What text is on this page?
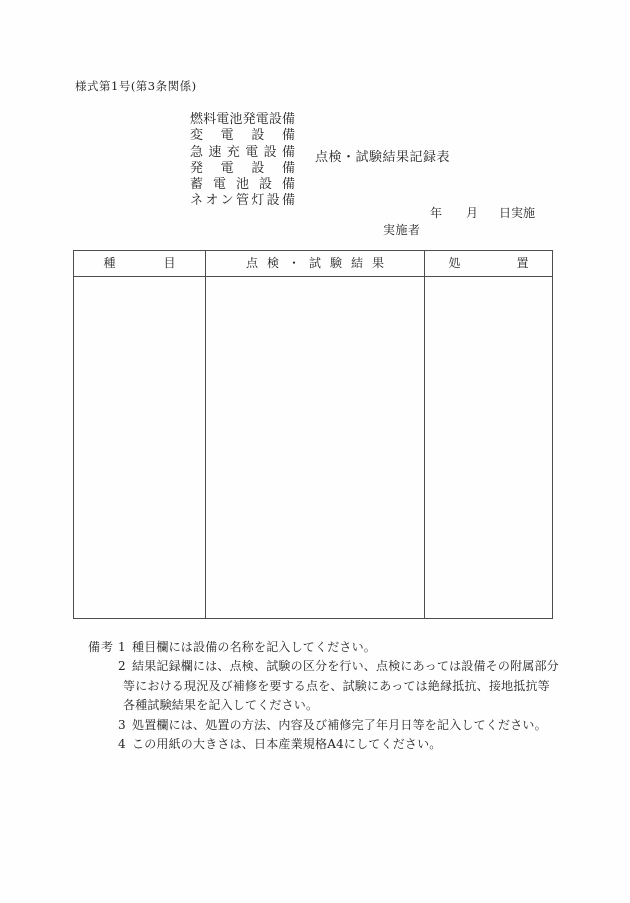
様式第1号(第3条関係)
燃料電池発電設備
変電設備
急速充電設備
発電設備
蓄電池設備
ネオン管灯設備
点検・試験結果記録表
年 月 日実施
実施者
種目	点検・試験結果	処置
備考 1 種目欄には設備の名称を記入してください。
2 結果記録欄には、点検、試験の区分を行い、点検にあっては設備その附属部分
等における現況及び補修を要する点を、試験にあっては絶縁抵抗、接地抵抗等
各種試験結果を記入してください。
3 処置欄には、処置の方法、内容及び補修完了年月日等を記入してください。
4 この用紙の大きさは、日本産業規格A4にしてください。
